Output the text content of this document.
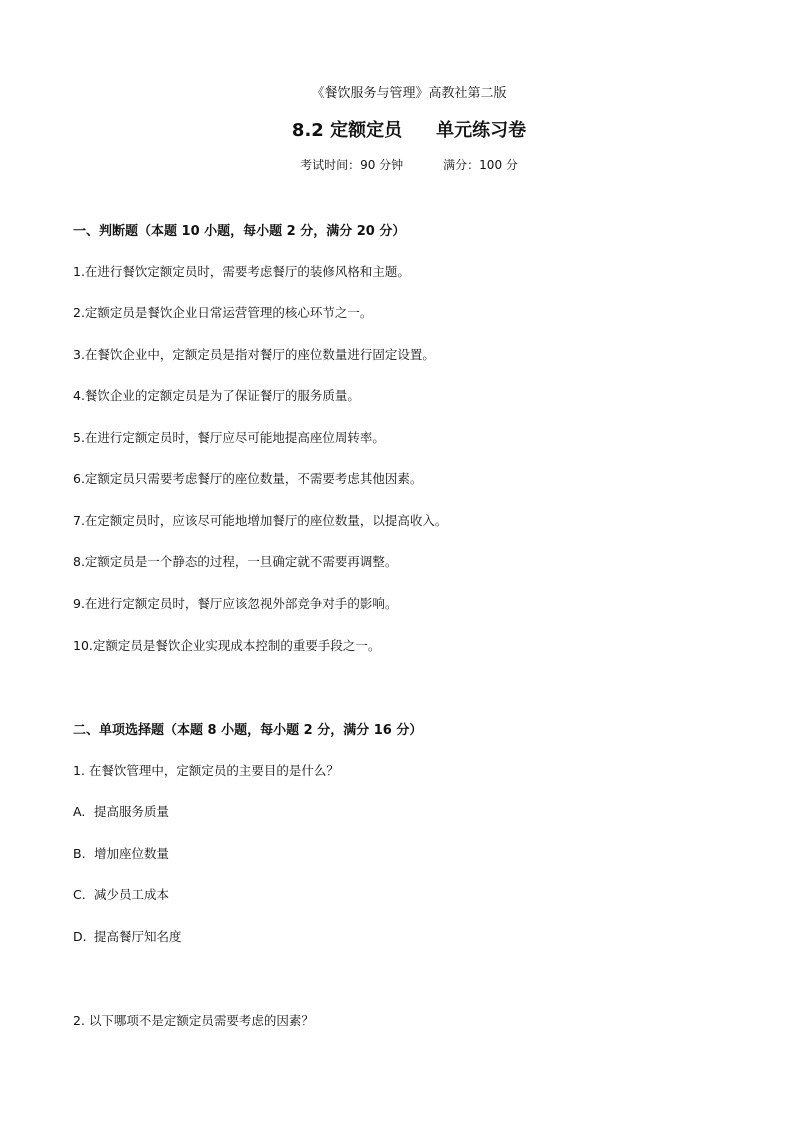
《餐饮服务与管理》高教社第二版
8.2 定额定员 单元练习卷
考试时间：90 分钟	满分：100 分
一、判断题（本题 10 小题，每小题 2 分，满分 20 分）
1.在进行餐饮定额定员时，需要考虑餐厅的装修风格和主题。
2.定额定员是餐饮企业日常运营管理的核心环节之一。
3.在餐饮企业中，定额定员是指对餐厅的座位数量进行固定设置。
4.餐饮企业的定额定员是为了保证餐厅的服务质量。
5.在进行定额定员时，餐厅应尽可能地提高座位周转率。
6.定额定员只需要考虑餐厅的座位数量，不需要考虑其他因素。
7.在定额定员时，应该尽可能地增加餐厅的座位数量，以提高收入。
8.定额定员是一个静态的过程，一旦确定就不需要再调整。
9.在进行定额定员时，餐厅应该忽视外部竞争对手的影响。
10.定额定员是餐饮企业实现成本控制的重要手段之一。
二、单项选择题（本题 8 小题，每小题 2 分，满分 16 分）
1. 在餐饮管理中，定额定员的主要目的是什么？
A. 提高服务质量
B. 增加座位数量
C. 减少员工成本
D. 提高餐厅知名度
2. 以下哪项不是定额定员需要考虑的因素？
